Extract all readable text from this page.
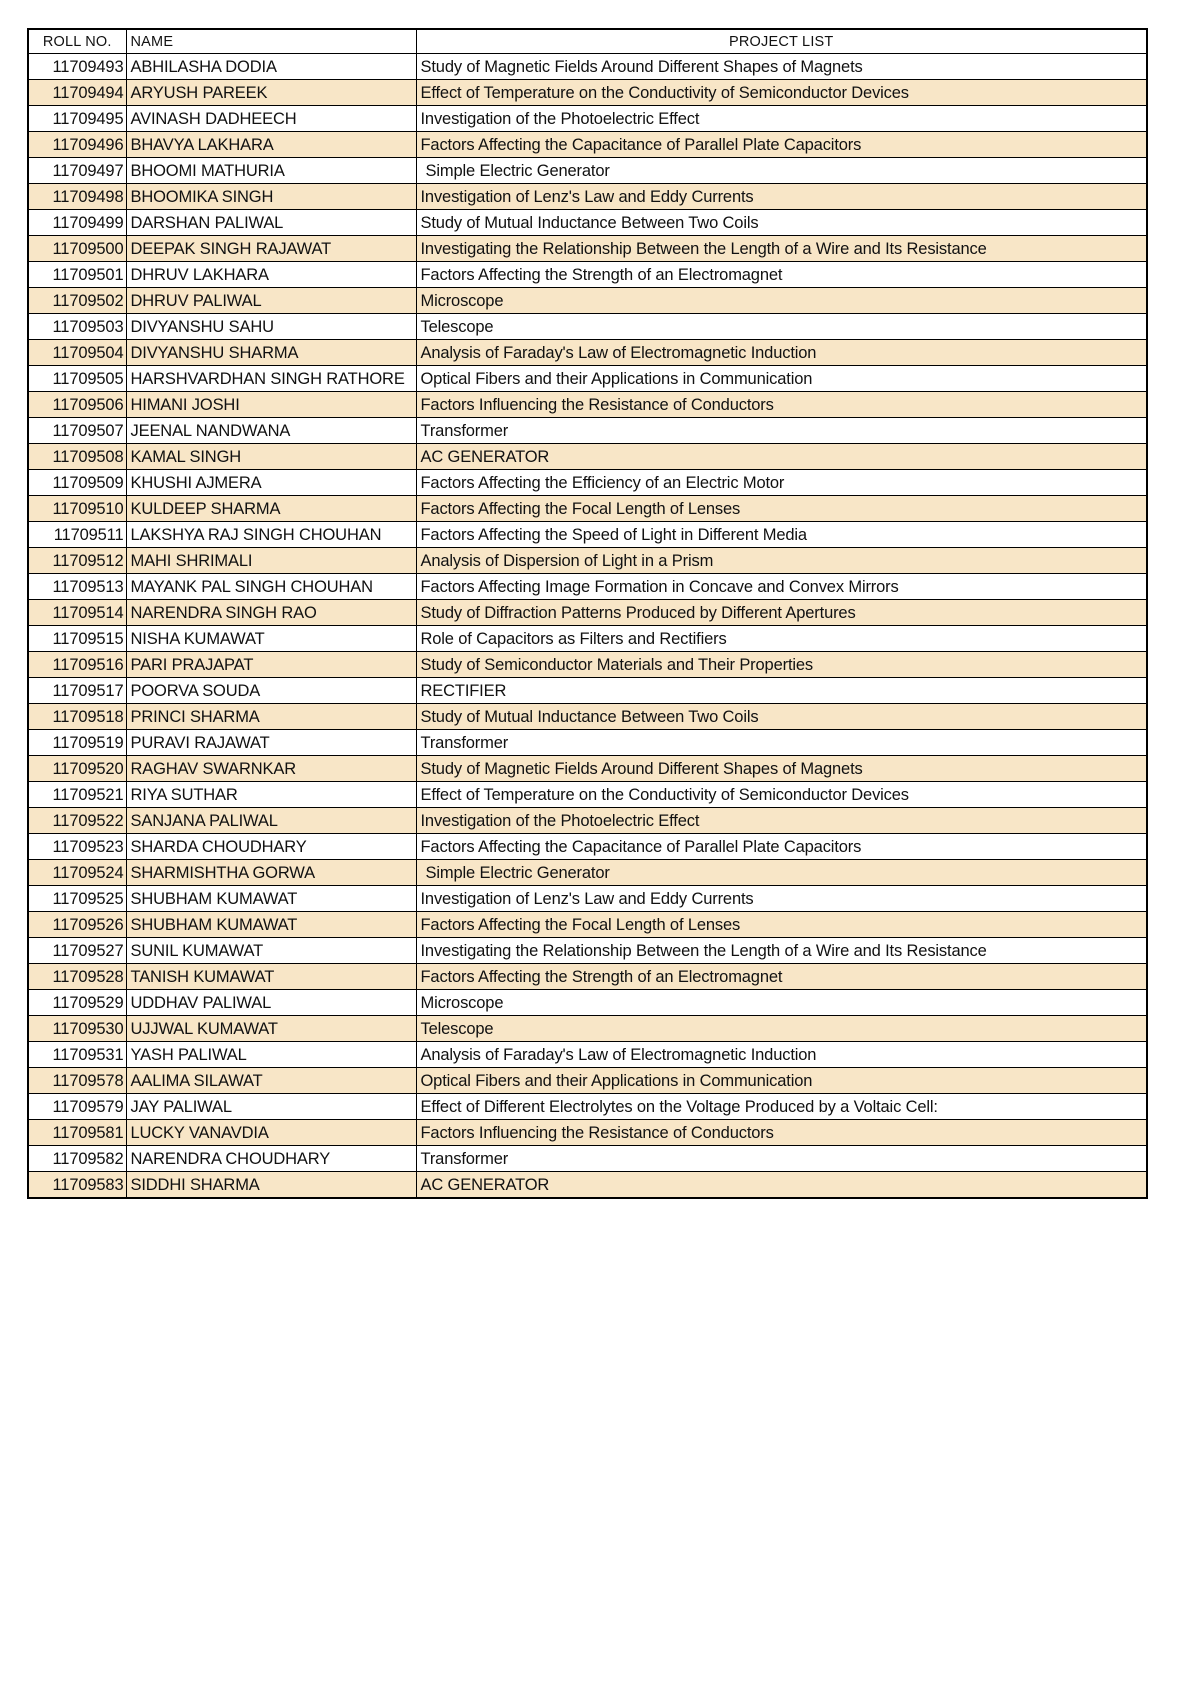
ROLL NO.	NAME	PROJECT LIST
11709493	ABHILASHA DODIA	Study of Magnetic Fields Around Different Shapes of Magnets
11709494	ARYUSH PAREEK	Effect of Temperature on the Conductivity of Semiconductor Devices
11709495	AVINASH DADHEECH	Investigation of the Photoelectric Effect
11709496	BHAVYA LAKHARA	Factors Affecting the Capacitance of Parallel Plate Capacitors
11709497	BHOOMI MATHURIA	Simple Electric Generator
11709498	BHOOMIKA SINGH	Investigation of Lenz's Law and Eddy Currents
11709499	DARSHAN PALIWAL	Study of Mutual Inductance Between Two Coils
11709500	DEEPAK SINGH RAJAWAT	Investigating the Relationship Between the Length of a Wire and Its Resistance
11709501	DHRUV LAKHARA	Factors Affecting the Strength of an Electromagnet
11709502	DHRUV PALIWAL	Microscope
11709503	DIVYANSHU SAHU	Telescope
11709504	DIVYANSHU SHARMA	Analysis of Faraday's Law of Electromagnetic Induction
11709505	HARSHVARDHAN SINGH RATHORE	Optical Fibers and their Applications in Communication
11709506	HIMANI JOSHI	Factors Influencing the Resistance of Conductors
11709507	JEENAL NANDWANA	Transformer
11709508	KAMAL SINGH	AC GENERATOR
11709509	KHUSHI AJMERA	Factors Affecting the Efficiency of an Electric Motor
11709510	KULDEEP SHARMA	Factors Affecting the Focal Length of Lenses
11709511	LAKSHYA RAJ SINGH CHOUHAN	Factors Affecting the Speed of Light in Different Media
11709512	MAHI SHRIMALI	Analysis of Dispersion of Light in a Prism
11709513	MAYANK PAL SINGH CHOUHAN	Factors Affecting Image Formation in Concave and Convex Mirrors
11709514	NARENDRA SINGH RAO	Study of Diffraction Patterns Produced by Different Apertures
11709515	NISHA KUMAWAT	Role of Capacitors as Filters and Rectifiers
11709516	PARI PRAJAPAT	Study of Semiconductor Materials and Their Properties
11709517	POORVA SOUDA	RECTIFIER
11709518	PRINCI SHARMA	Study of Mutual Inductance Between Two Coils
11709519	PURAVI RAJAWAT	Transformer
11709520	RAGHAV SWARNKAR	Study of Magnetic Fields Around Different Shapes of Magnets
11709521	RIYA SUTHAR	Effect of Temperature on the Conductivity of Semiconductor Devices
11709522	SANJANA PALIWAL	Investigation of the Photoelectric Effect
11709523	SHARDA CHOUDHARY	Factors Affecting the Capacitance of Parallel Plate Capacitors
11709524	SHARMISHTHA GORWA	Simple Electric Generator
11709525	SHUBHAM KUMAWAT	Investigation of Lenz's Law and Eddy Currents
11709526	SHUBHAM KUMAWAT	Factors Affecting the Focal Length of Lenses
11709527	SUNIL KUMAWAT	Investigating the Relationship Between the Length of a Wire and Its Resistance
11709528	TANISH KUMAWAT	Factors Affecting the Strength of an Electromagnet
11709529	UDDHAV PALIWAL	Microscope
11709530	UJJWAL KUMAWAT	Telescope
11709531	YASH PALIWAL	Analysis of Faraday's Law of Electromagnetic Induction
11709578	AALIMA SILAWAT	Optical Fibers and their Applications in Communication
11709579	JAY PALIWAL	Effect of Different Electrolytes on the Voltage Produced by a Voltaic Cell:
11709581	LUCKY VANAVDIA	Factors Influencing the Resistance of Conductors
11709582	NARENDRA CHOUDHARY	Transformer
11709583	SIDDHI SHARMA	AC GENERATOR
